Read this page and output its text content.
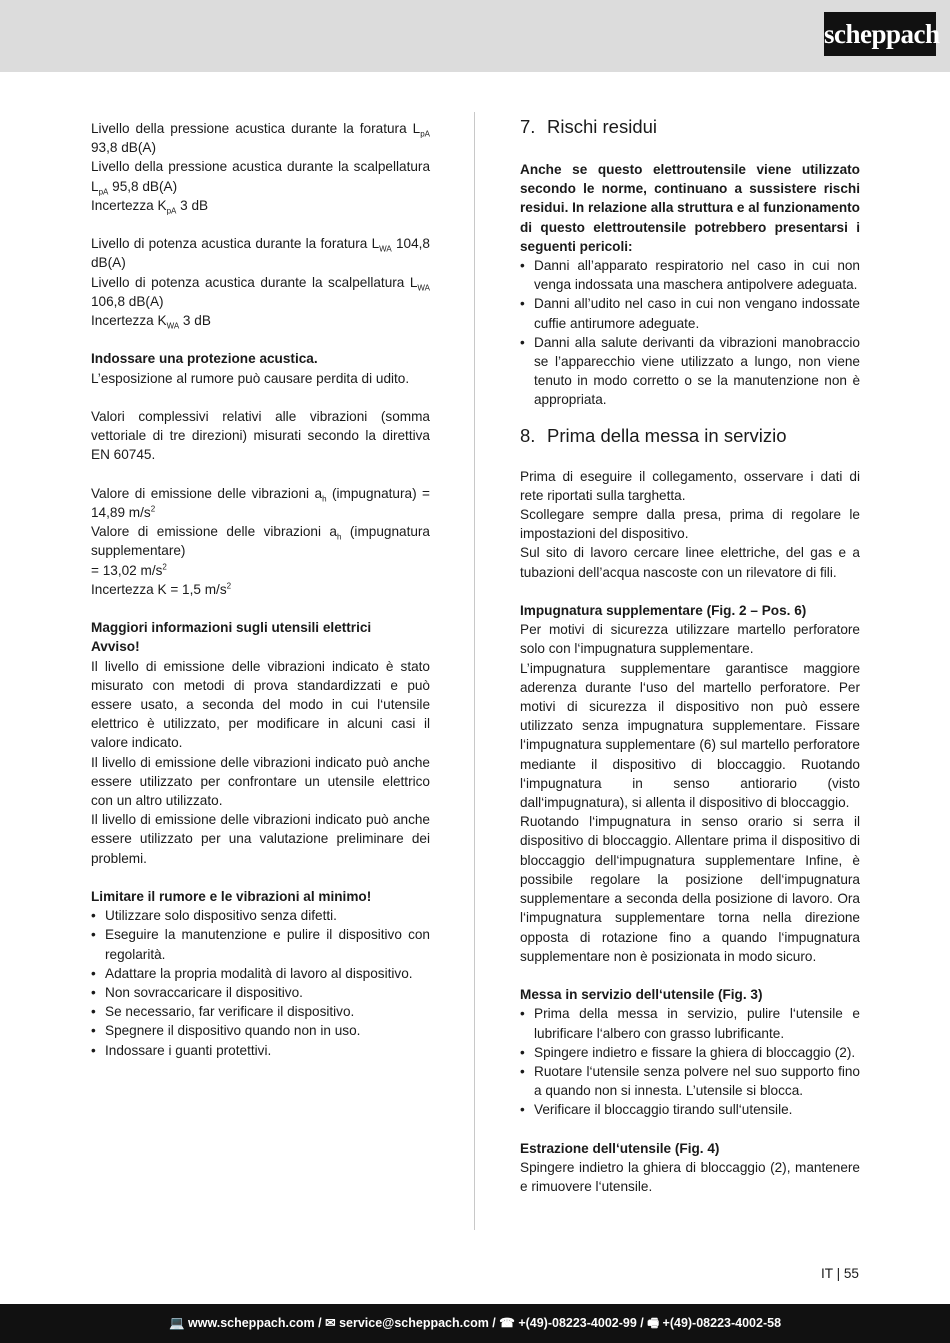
scheppach
Livello della pressione acustica durante la foratura $L_{pA}$ 93,8 dB(A)
Livello della pressione acustica durante la scalpellatura $L_{pA}$ 95,8 dB(A)
Incertezza $K_{pA}$ 3 dB
Livello di potenza acustica durante la foratura $L_{WA}$ 104,8 dB(A)
Livello di potenza acustica durante la scalpellatura $L_{WA}$ 106,8 dB(A)
Incertezza $K_{WA}$ 3 dB
Indossare una protezione acustica.
L’esposizione al rumore può causare perdita di udito.
Valori complessivi relativi alle vibrazioni (somma vettoriale di tre direzioni) misurati secondo la direttiva EN 60745.
Valore di emissione delle vibrazioni $a_h$ (impugnatura) = 14,89 $m/s^2$
Valore di emissione delle vibrazioni $a_h$ (impugnatura supplementare)
= 13,02 $m/s^2$
Incertezza K = 1,5 $m/s^2$
Maggiori informazioni sugli utensili elettrici
Avviso!
Il livello di emissione delle vibrazioni indicato è stato misurato con metodi di prova standardizzati e può essere usato, a seconda del modo in cui l‘utensile elettrico è utilizzato, per modificare in alcuni casi il valore indicato.
Il livello di emissione delle vibrazioni indicato può anche essere utilizzato per confrontare un utensile elettrico con un altro utilizzato.
Il livello di emissione delle vibrazioni indicato può anche essere utilizzato per una valutazione preliminare dei problemi.
Limitare il rumore e le vibrazioni al minimo!
• Utilizzare solo dispositivo senza difetti.
• Eseguire la manutenzione e pulire il dispositivo con regolarità.
• Adattare la propria modalità di lavoro al dispositivo.
• Non sovraccaricare il dispositivo.
• Se necessario, far verificare il dispositivo.
• Spegnere il dispositivo quando non in uso.
• Indossare i guanti protettivi.
7. Rischi residui
Anche se questo elettroutensile viene utilizzato secondo le norme, continuano a sussistere rischi residui. In relazione alla struttura e al funzionamento di questo elettroutensile potrebbero presentarsi i seguenti pericoli:
• Danni all’apparato respiratorio nel caso in cui non venga indossata una maschera antipolvere adeguata.
• Danni all’udito nel caso in cui non vengano indossate cuffie antirumore adeguate.
• Danni alla salute derivanti da vibrazioni manobraccio se l’apparecchio viene utilizzato a lungo, non viene tenuto in modo corretto o se la manutenzione non è appropriata.
8. Prima della messa in servizio
Prima di eseguire il collegamento, osservare i dati di rete riportati sulla targhetta.
Scollegare sempre dalla presa, prima di regolare le impostazioni del dispositivo.
Sul sito di lavoro cercare linee elettriche, del gas e a tubazioni dell’acqua nascoste con un rilevatore di fili.
Impugnatura supplementare (Fig. 2 – Pos. 6)
Per motivi di sicurezza utilizzare martello perforatore solo con l‘impugnatura supplementare.
L’impugnatura supplementare garantisce maggiore aderenza durante l‘uso del martello perforatore. Per motivi di sicurezza il dispositivo non può essere utilizzato senza impugnatura supplementare. Fissare l‘impugnatura supplementare (6) sul martello perforatore mediante il dispositivo di bloccaggio. Ruotando l‘impugnatura in senso antiorario (visto dall‘impugnatura), si allenta il dispositivo di bloccaggio.
Ruotando l‘impugnatura in senso orario si serra il dispositivo di bloccaggio. Allentare prima il dispositivo di bloccaggio dell‘impugnatura supplementare Infine, è possibile regolare la posizione dell‘impugnatura supplementare a seconda della posizione di lavoro. Ora l‘impugnatura supplementare torna nella direzione opposta di rotazione fino a quando l‘impugnatura supplementare non è posizionata in modo sicuro.
Messa in servizio dell‘utensile (Fig. 3)
• Prima della messa in servizio, pulire l‘utensile e lubrificare l‘albero con grasso lubrificante.
• Spingere indietro e fissare la ghiera di bloccaggio (2).
• Ruotare l‘utensile senza polvere nel suo supporto fino a quando non si innesta. L’utensile si blocca.
• Verificare il bloccaggio tirando sull‘utensile.
Estrazione dell‘utensile (Fig. 4)
Spingere indietro la ghiera di bloccaggio (2), mantenere e rimuovere l‘utensile.
IT | 55
💻 www.scheppach.com / ✉ service@scheppach.com / ☎ +(49)-08223-4002-99 / 🖷 +(49)-08223-4002-58
